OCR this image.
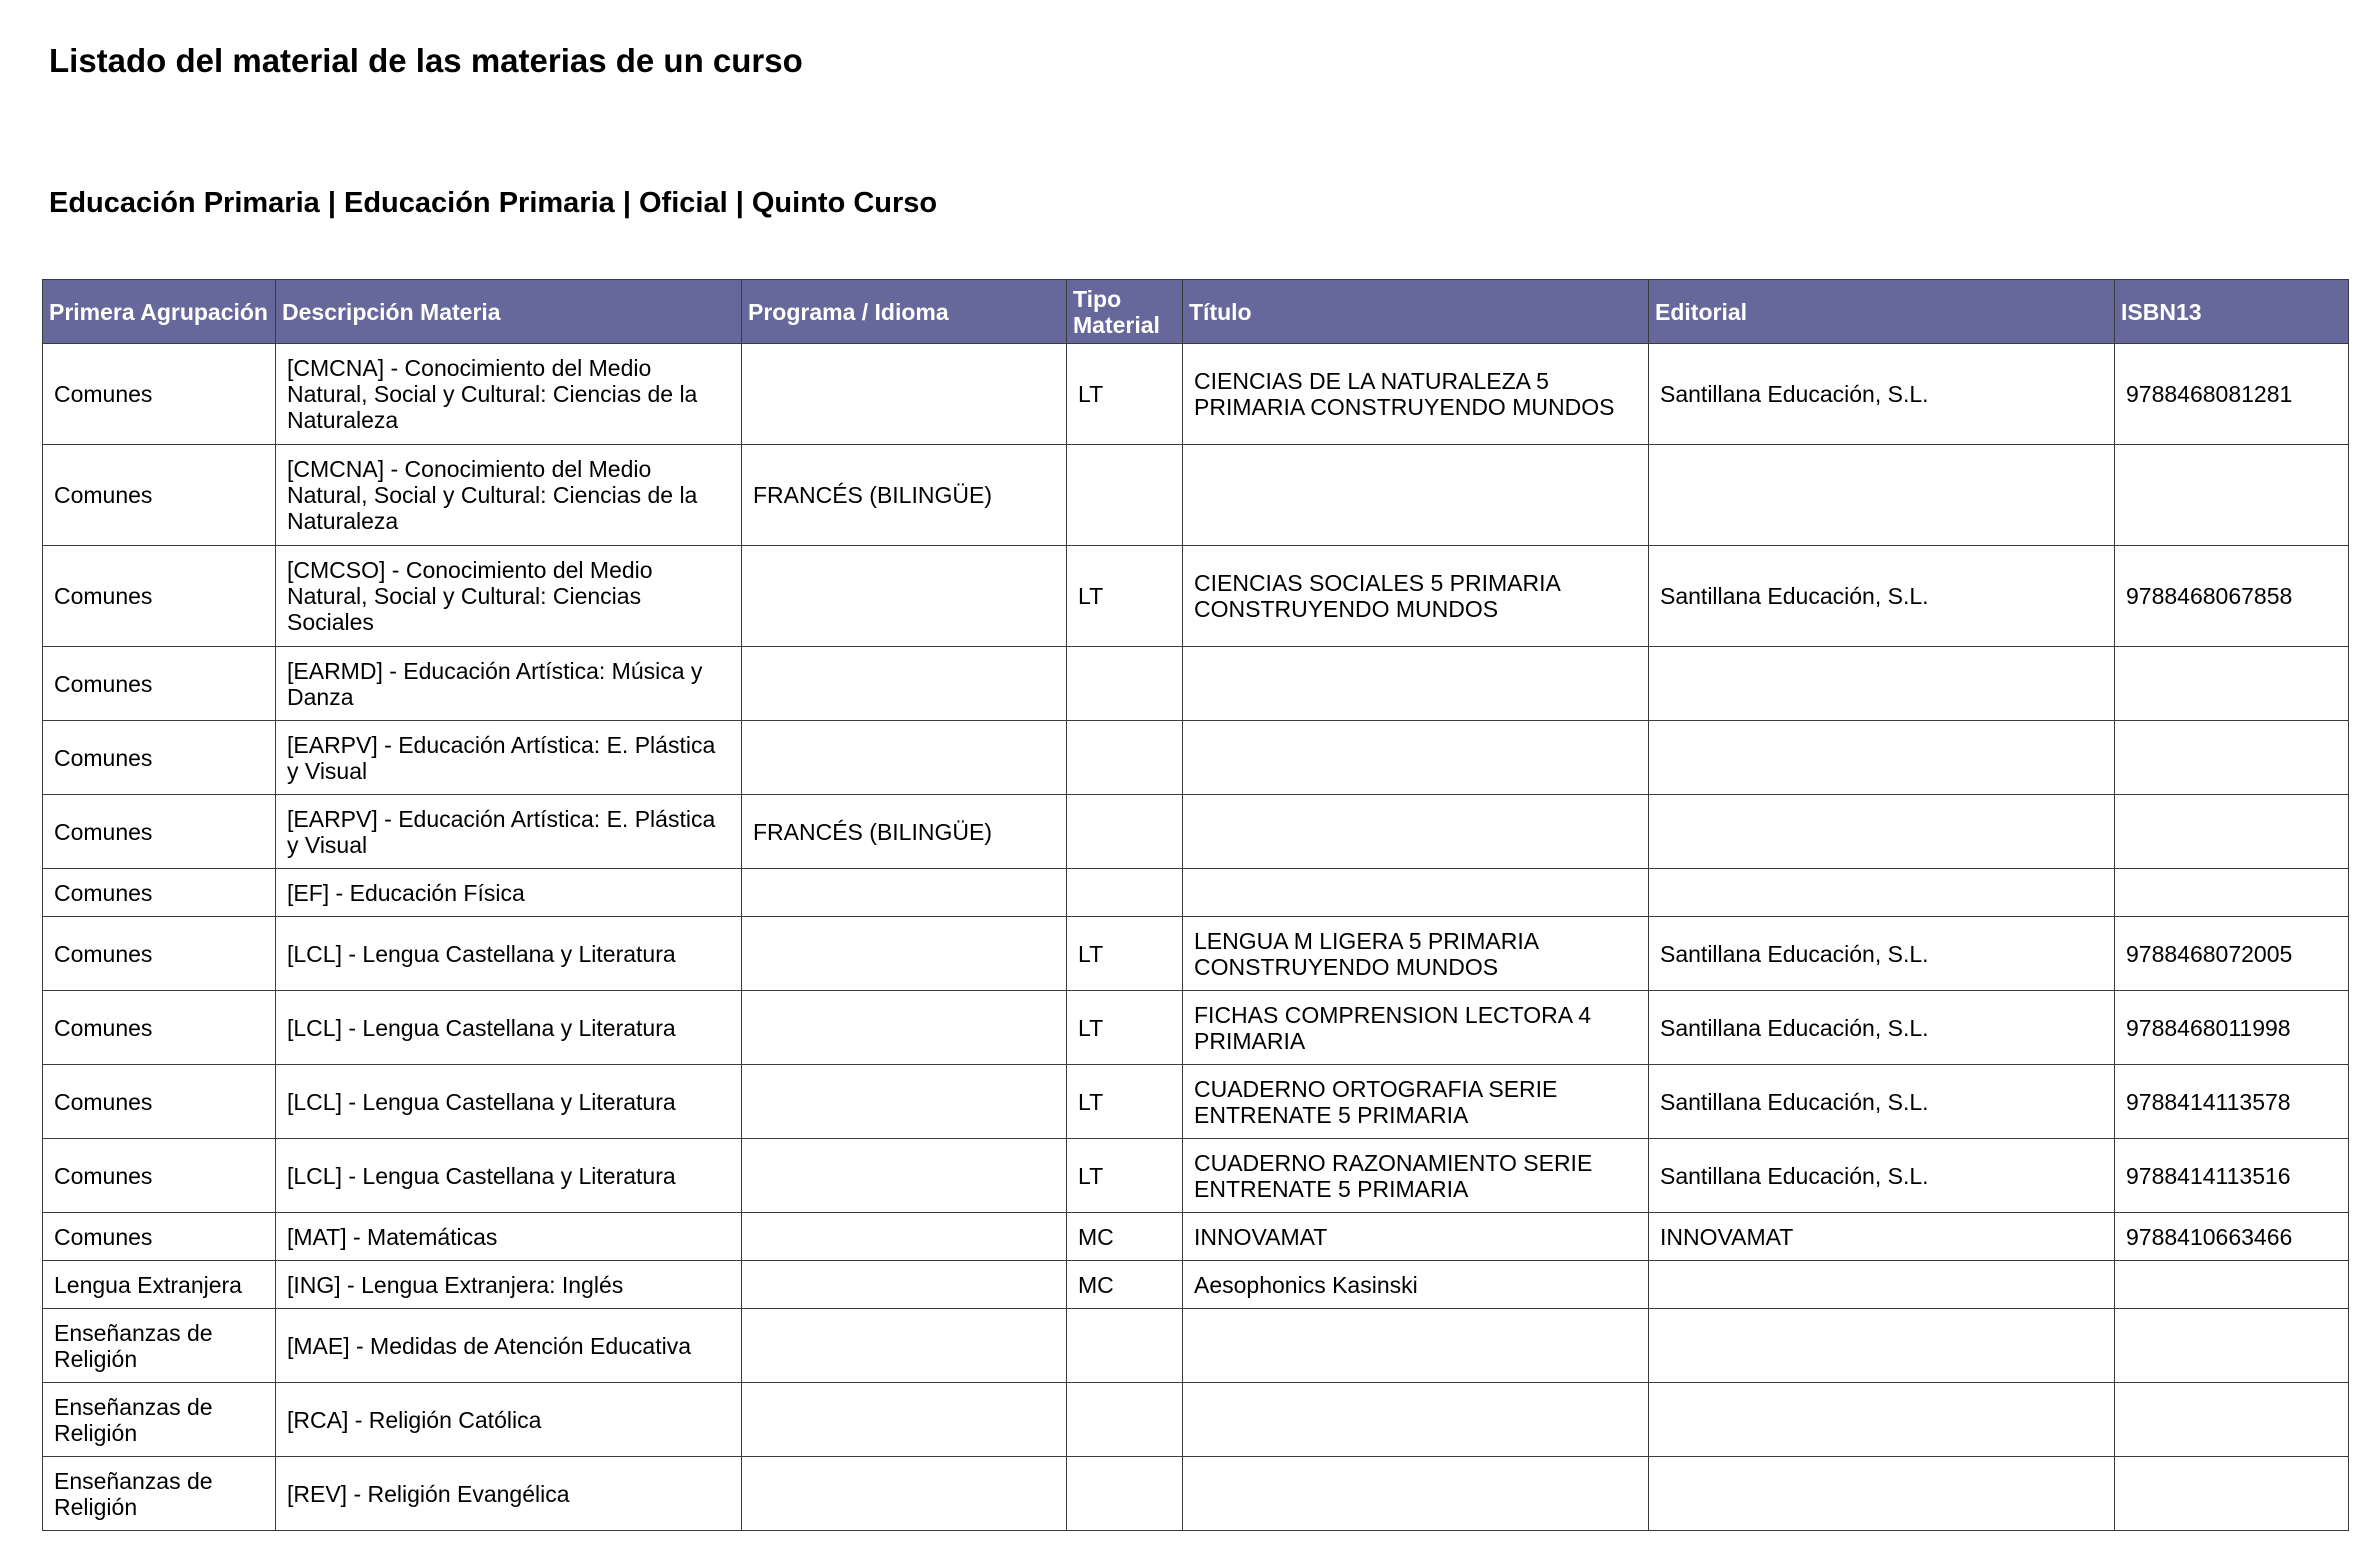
Listado del material de las materias de un curso
Educación Primaria | Educación Primaria | Oficial | Quinto Curso
Primera Agrupación	Descripción Materia	Programa / Idioma	Tipo Material	Título	Editorial	ISBN13
Comunes	[CMCNA] - Conocimiento del Medio Natural, Social y Cultural: Ciencias de la Naturaleza		LT	CIENCIAS DE LA NATURALEZA 5 PRIMARIA CONSTRUYENDO MUNDOS	Santillana Educación, S.L.	9788468081281
Comunes	[CMCNA] - Conocimiento del Medio Natural, Social y Cultural: Ciencias de la Naturaleza	FRANCÉS (BILINGÜE)				
Comunes	[CMCSO] - Conocimiento del Medio Natural, Social y Cultural: Ciencias Sociales		LT	CIENCIAS SOCIALES 5 PRIMARIA CONSTRUYENDO MUNDOS	Santillana Educación, S.L.	9788468067858
Comunes	[EARMD] - Educación Artística: Música y Danza					
Comunes	[EARPV] - Educación Artística: E. Plástica y Visual					
Comunes	[EARPV] - Educación Artística: E. Plástica y Visual	FRANCÉS (BILINGÜE)				
Comunes	[EF] - Educación Física					
Comunes	[LCL] - Lengua Castellana y Literatura		LT	LENGUA M LIGERA 5 PRIMARIA CONSTRUYENDO MUNDOS	Santillana Educación, S.L.	9788468072005
Comunes	[LCL] - Lengua Castellana y Literatura		LT	FICHAS COMPRENSION LECTORA 4 PRIMARIA	Santillana Educación, S.L.	9788468011998
Comunes	[LCL] - Lengua Castellana y Literatura		LT	CUADERNO ORTOGRAFIA SERIE ENTRENATE 5 PRIMARIA	Santillana Educación, S.L.	9788414113578
Comunes	[LCL] - Lengua Castellana y Literatura		LT	CUADERNO RAZONAMIENTO SERIE ENTRENATE 5 PRIMARIA	Santillana Educación, S.L.	9788414113516
Comunes	[MAT] - Matemáticas		MC	INNOVAMAT	INNOVAMAT	9788410663466
Lengua Extranjera	[ING] - Lengua Extranjera: Inglés		MC	Aesophonics Kasinski		
Enseñanzas de Religión	[MAE] - Medidas de Atención Educativa					
Enseñanzas de Religión	[RCA] - Religión Católica					
Enseñanzas de Religión	[REV] - Religión Evangélica					
